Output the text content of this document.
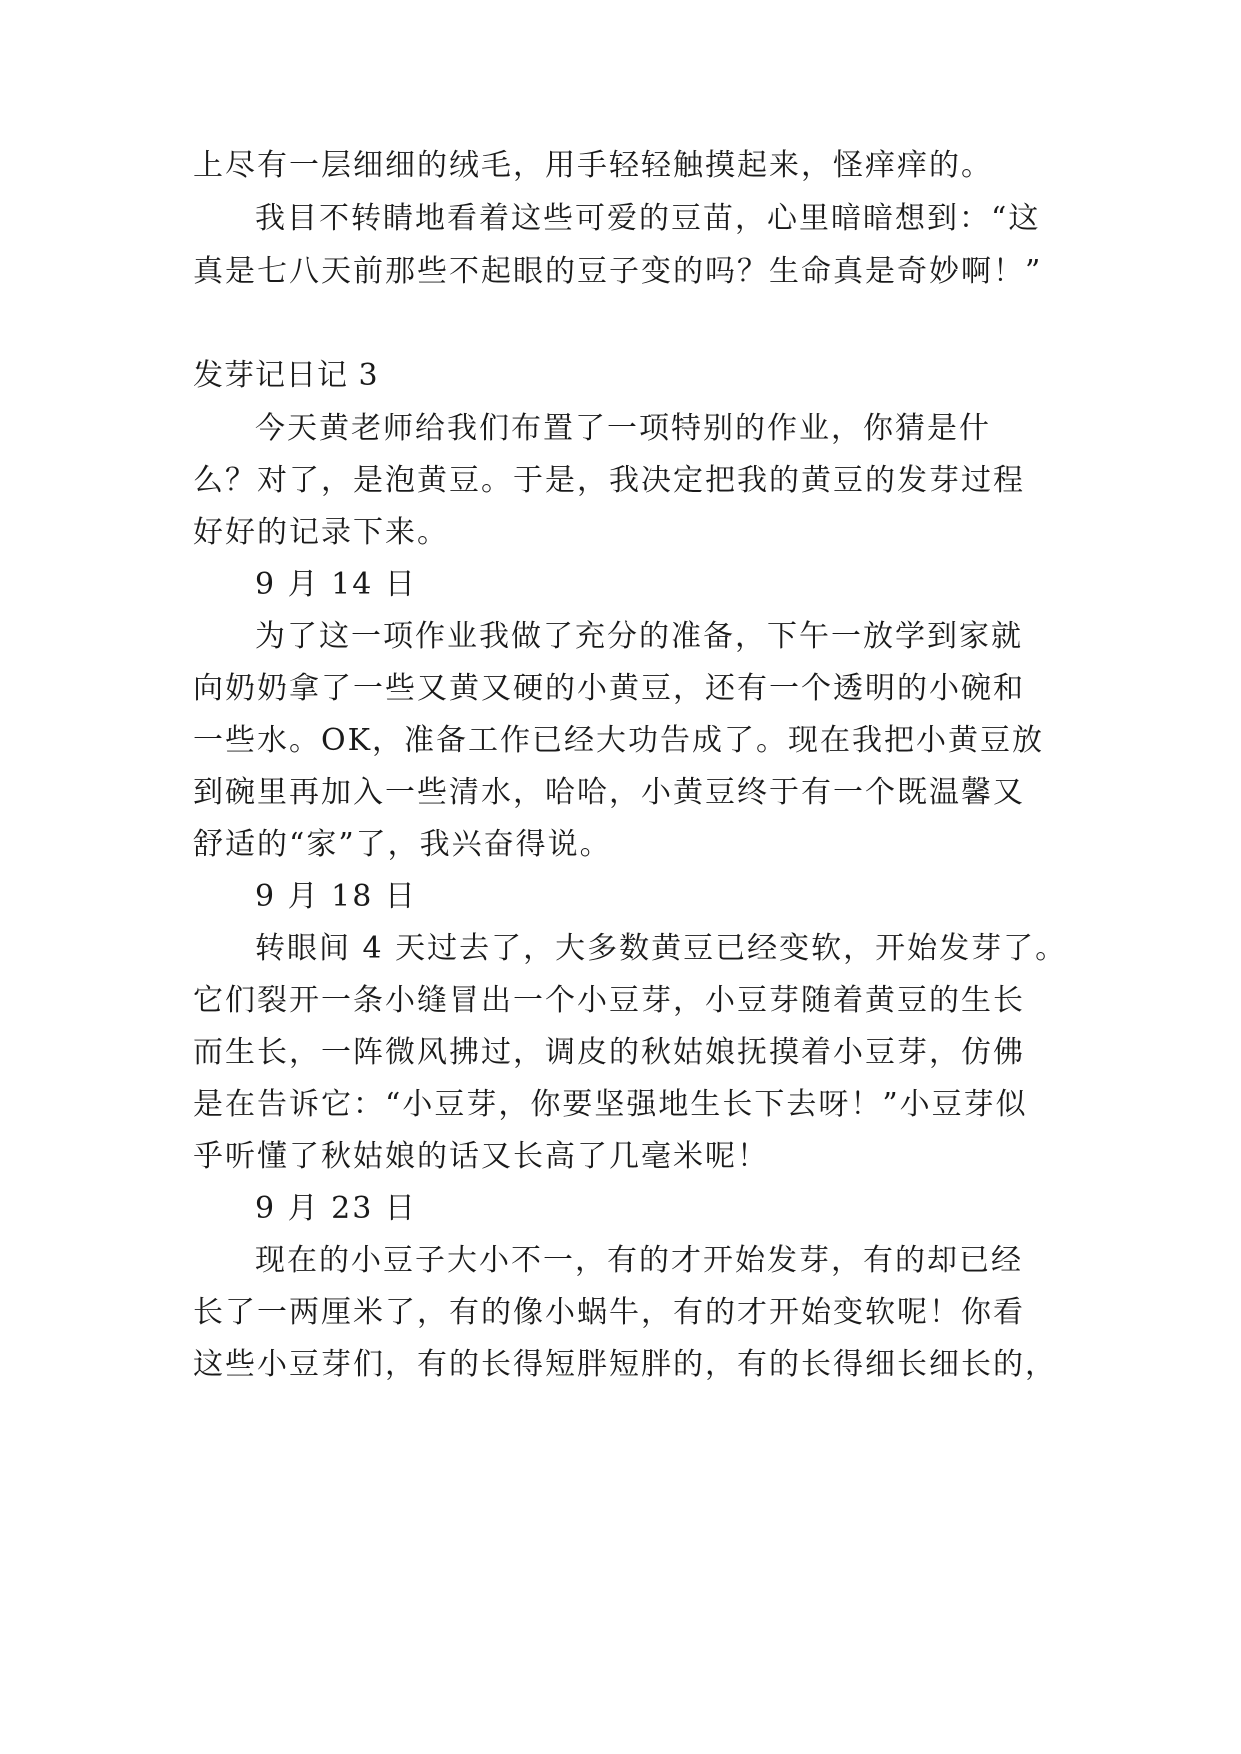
上尽有一层细细的绒毛，用手轻轻触摸起来，怪痒痒的。
我目不转睛地看着这些可爱的豆苗，心里暗暗想到：“这
真是七八天前那些不起眼的豆子变的吗？生命真是奇妙啊！”
发芽记日记 3
今天黄老师给我们布置了一项特别的作业，你猜是什
么？对了，是泡黄豆。于是，我决定把我的黄豆的发芽过程
好好的记录下来。
9 月 14 日
为了这一项作业我做了充分的准备，下午一放学到家就
向奶奶拿了一些又黄又硬的小黄豆，还有一个透明的小碗和
一些水。OK，准备工作已经大功告成了。现在我把小黄豆放
到碗里再加入一些清水，哈哈，小黄豆终于有一个既温馨又
舒适的“家”了，我兴奋得说。
9 月 18 日
转眼间 4 天过去了，大多数黄豆已经变软，开始发芽了。
它们裂开一条小缝冒出一个小豆芽，小豆芽随着黄豆的生长
而生长，一阵微风拂过，调皮的秋姑娘抚摸着小豆芽，仿佛
是在告诉它：“小豆芽，你要坚强地生长下去呀！”小豆芽似
乎听懂了秋姑娘的话又长高了几毫米呢！
9 月 23 日
现在的小豆子大小不一，有的才开始发芽，有的却已经
长了一两厘米了，有的像小蜗牛，有的才开始变软呢！你看
这些小豆芽们，有的长得短胖短胖的，有的长得细长细长的，
